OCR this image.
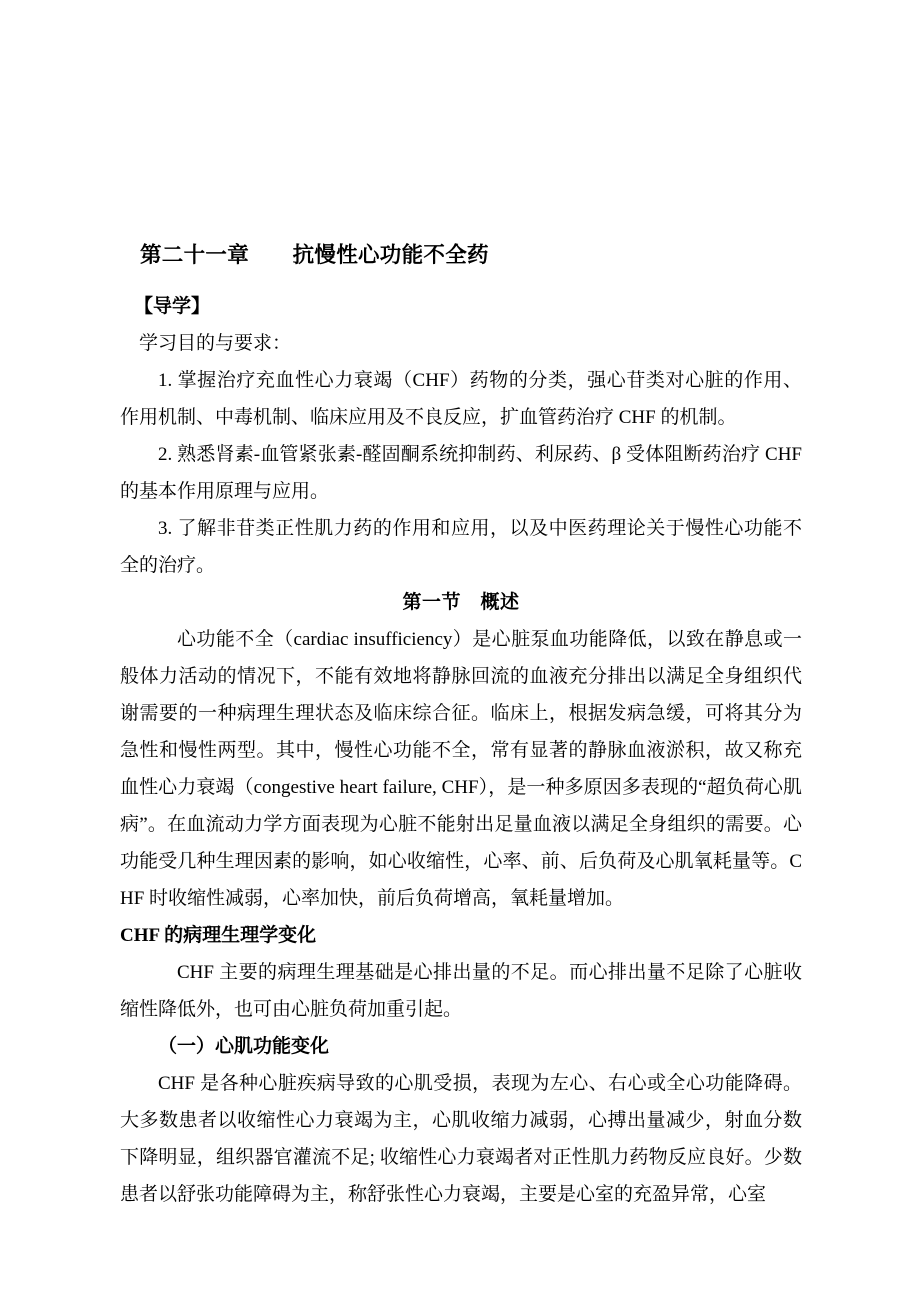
第二十一章　　抗慢性心功能不全药

【导学】

学习目的与要求：

1. 掌握治疗充血性心力衰竭（CHF）药物的分类，强心苷类对心脏的作用、作用机制、中毒机制、临床应用及不良反应，扩血管药治疗 CHF 的机制。

2. 熟悉肾素-血管紧张素-醛固酮系统抑制药、利尿药、β 受体阻断药治疗 CHF 的基本作用原理与应用。

3. 了解非苷类正性肌力药的作用和应用，以及中医药理论关于慢性心功能不全的治疗。

第一节　概述

心功能不全（cardiac insufficiency）是心脏泵血功能降低，以致在静息或一般体力活动的情况下，不能有效地将静脉回流的血液充分排出以满足全身组织代谢需要的一种病理生理状态及临床综合征。临床上，根据发病急缓，可将其分为急性和慢性两型。其中，慢性心功能不全，常有显著的静脉血液淤积，故又称充血性心力衰竭（congestive heart failure, CHF），是一种多原因多表现的“超负荷心肌病”。在血流动力学方面表现为心脏不能射出足量血液以满足全身组织的需要。心功能受几种生理因素的影响，如心收缩性，心率、前、后负荷及心肌氧耗量等。CHF 时收缩性减弱，心率加快，前后负荷增高，氧耗量增加。

CHF 的病理生理学变化

CHF 主要的病理生理基础是心排出量的不足。而心排出量不足除了心脏收缩性降低外，也可由心脏负荷加重引起。

（一）心肌功能变化

CHF 是各种心脏疾病导致的心肌受损，表现为左心、右心或全心功能降碍。大多数患者以收缩性心力衰竭为主，心肌收缩力减弱，心搏出量减少，射血分数下降明显，组织器官灌流不足; 收缩性心力衰竭者对正性肌力药物反应良好。少数患者以舒张功能障碍为主，称舒张性心力衰竭，主要是心室的充盈异常，心室
